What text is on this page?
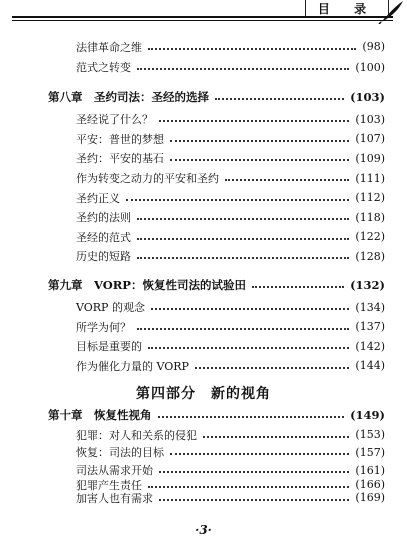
目 录
法律革命之维	(98)
范式之转变	(100)
第八章　圣约司法：圣经的选择	(103)
圣经说了什么？	(103)
平安：普世的梦想	(107)
圣约：平安的基石	(109)
作为转变之动力的平安和圣约	(111)
圣约正义	(112)
圣约的法则	(118)
圣经的范式	(122)
历史的短路	(128)
第九章　VORP：恢复性司法的试验田	(132)
VORP 的观念	(134)
所学为何？	(137)
目标是重要的	(142)
作为催化力量的 VORP	(144)
第四部分　新的视角
第十章　恢复性视角	(149)
犯罪：对人和关系的侵犯	(153)
恢复：司法的目标	(157)
司法从需求开始	(161)
犯罪产生责任	(166)
加害人也有需求	(169)
·3·
